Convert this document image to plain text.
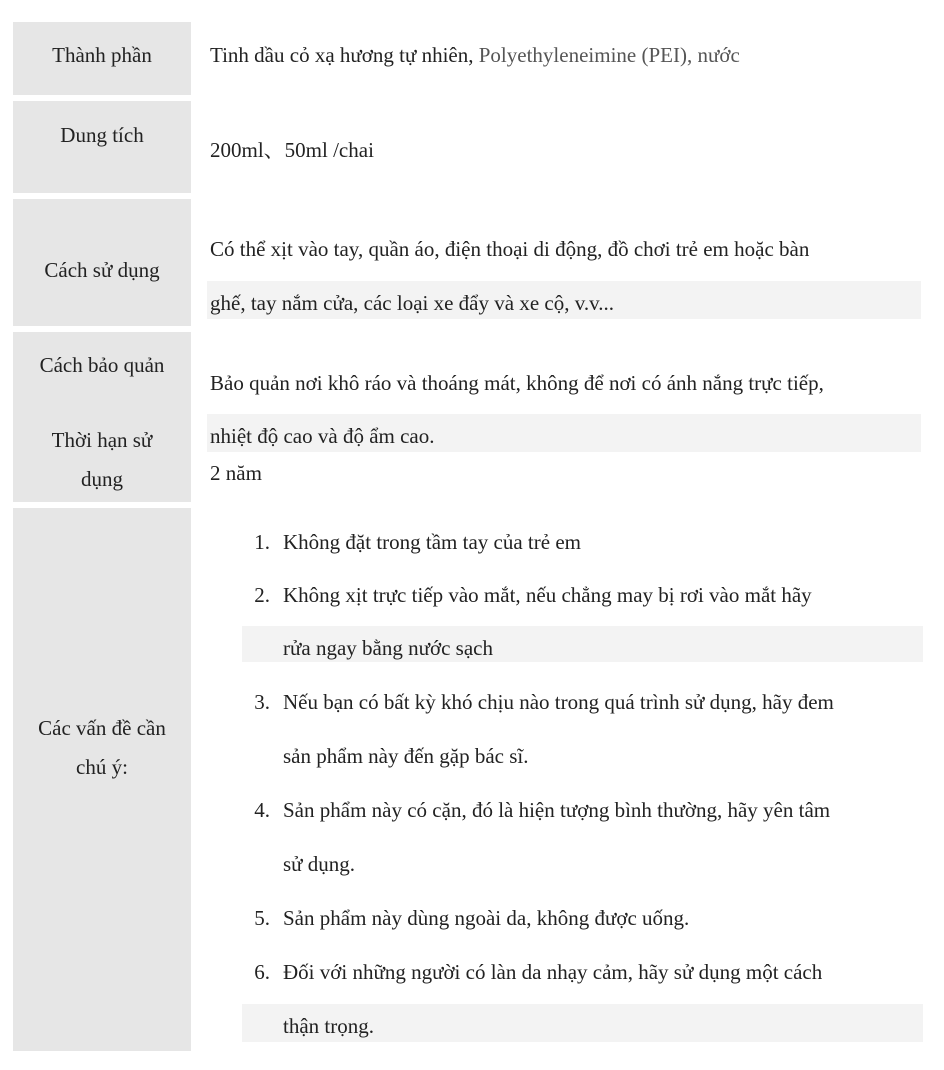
Thành phần	Tinh dầu cỏ xạ hương tự nhiên, Polyethyleneimine (PEI), nước
Dung tích
200ml、50ml /chai
Cách sử dụng
Có thể xịt vào tay, quần áo, điện thoại di động, đồ chơi trẻ em hoặc bàn
ghế, tay nắm cửa, các loại xe đẩy và xe cộ, v.v...
Cách bảo quản
Bảo quản nơi khô ráo và thoáng mát, không để nơi có ánh nắng trực tiếp,
nhiệt độ cao và độ ẩm cao.
Thời hạn sử
dụng	2 năm
Các vấn đề cần
chú ý:
1. Không đặt trong tầm tay của trẻ em
2. Không xịt trực tiếp vào mắt, nếu chẳng may bị rơi vào mắt hãy
rửa ngay bằng nước sạch
3. Nếu bạn có bất kỳ khó chịu nào trong quá trình sử dụng, hãy đem
sản phẩm này đến gặp bác sĩ.
4. Sản phẩm này có cặn, đó là hiện tượng bình thường, hãy yên tâm
sử dụng.
5. Sản phẩm này dùng ngoài da, không được uống.
6. Đối với những người có làn da nhạy cảm, hãy sử dụng một cách
thận trọng.
